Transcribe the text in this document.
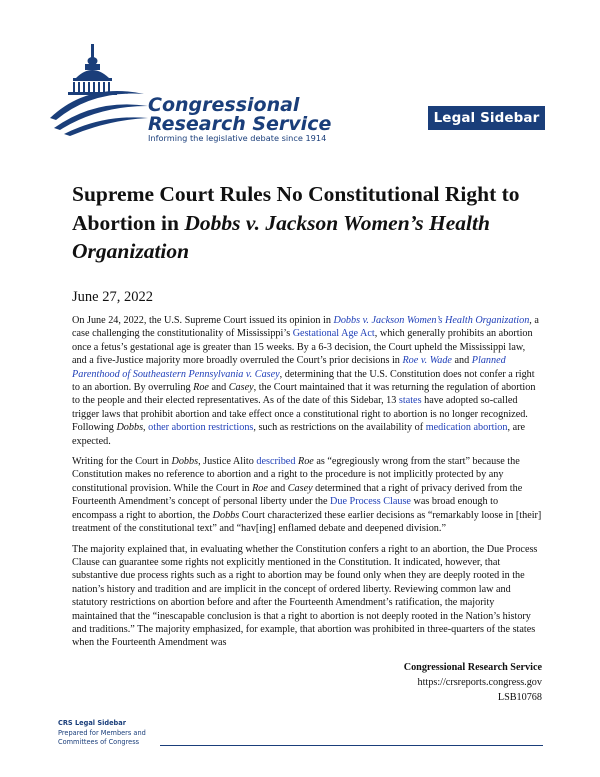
Congressional
Research Service
Informing the legislative debate since 1914
Legal Sidebar
Supreme Court Rules No Constitutional Right to Abortion in Dobbs v. Jackson Women’s Health Organization
June 27, 2022

On June 24, 2022, the U.S. Supreme Court issued its opinion in Dobbs v. Jackson Women’s Health Organization, a case challenging the constitutionality of Mississippi’s Gestational Age Act, which generally prohibits an abortion once a fetus’s gestational age is greater than 15 weeks. By a 6-3 decision, the Court upheld the Mississippi law, and a five-Justice majority more broadly overruled the Court’s prior decisions in Roe v. Wade and Planned Parenthood of Southeastern Pennsylvania v. Casey, determining that the U.S. Constitution does not confer a right to an abortion. By overruling Roe and Casey, the Court maintained that it was returning the regulation of abortion to the people and their elected representatives. As of the date of this Sidebar, 13 states have adopted so-called trigger laws that prohibit abortion and take effect once a constitutional right to abortion is no longer recognized. Following Dobbs, other abortion restrictions, such as restrictions on the availability of medication abortion, are expected.

Writing for the Court in Dobbs, Justice Alito described Roe as “egregiously wrong from the start” because the Constitution makes no reference to abortion and a right to the procedure is not implicitly protected by any constitutional provision. While the Court in Roe and Casey determined that a right of privacy derived from the Fourteenth Amendment’s concept of personal liberty under the Due Process Clause was broad enough to encompass a right to abortion, the Dobbs Court characterized these earlier decisions as “remarkably loose in [their] treatment of the constitutional text” and “hav[ing] enflamed debate and deepened division.”

The majority explained that, in evaluating whether the Constitution confers a right to an abortion, the Due Process Clause can guarantee some rights not explicitly mentioned in the Constitution. It indicated, however, that substantive due process rights such as a right to abortion may be found only when they are deeply rooted in the nation’s history and tradition and are implicit in the concept of ordered liberty. Reviewing common law and statutory restrictions on abortion before and after the Fourteenth Amendment’s ratification, the majority maintained that the “inescapable conclusion is that a right to abortion is not deeply rooted in the Nation’s history and traditions.” The majority emphasized, for example, that abortion was prohibited in three-quarters of the states when the Fourteenth Amendment was

Congressional Research Service
https://crsreports.congress.gov
LSB10768
CRS Legal Sidebar
Prepared for Members and
Committees of Congress
